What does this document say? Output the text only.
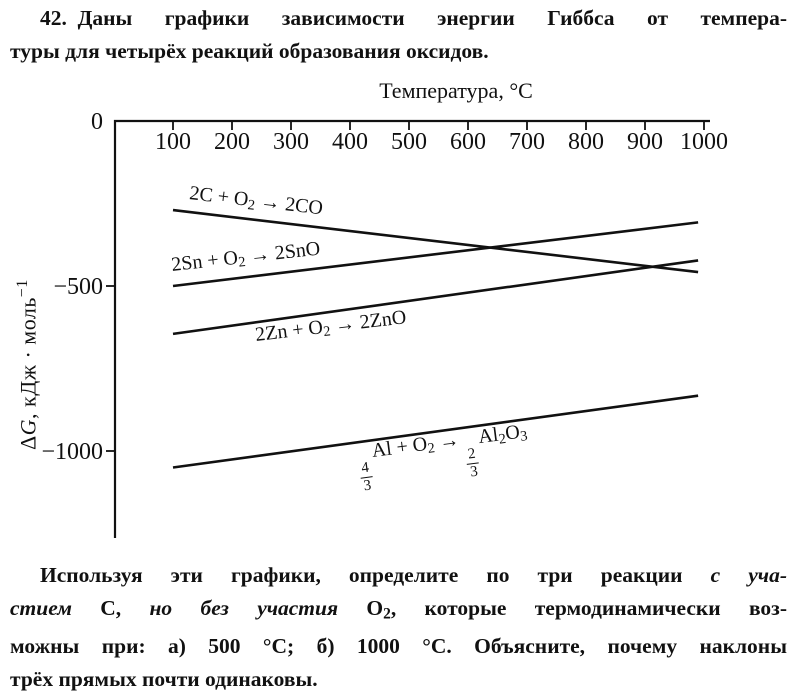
42. Даны графики зависимости энергии Гиббса от темпера-
туры для четырёх реакций образования оксидов.
Температура, °C
ΔG, кДж · моль$^{-1}$
100 200 300 400 500 600 700 800 900 1000
0
−500
−1000
2C + O2 → 2CO
2Sn + O2 → 2SnO
2Zn + O2 → 2ZnO
$\frac{4}{3}$
Al + O2 →
$\frac{2}{3}$
Al2O3
Используя эти графики, определите по три реакции с уча-
стием C, но без участия O2, которые термодинамически воз-
можны при: а) 500 °C; б) 1000 °C. Объясните, почему наклоны
трёх прямых почти одинаковы.
